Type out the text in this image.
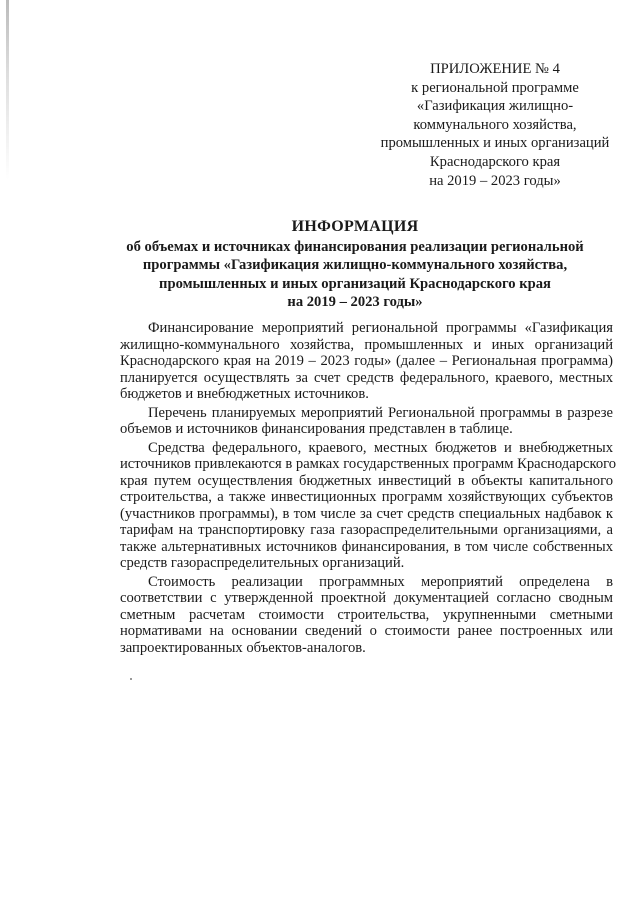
ПРИЛОЖЕНИЕ № 4
к региональной программе
«Газификация жилищно-
коммунального хозяйства,
промышленных и иных организаций
Краснодарского края
на 2019 – 2023 годы»
ИНФОРМАЦИЯ
об объемах и источниках финансирования реализации региональной
программы «Газификация жилищно-коммунального хозяйства,
промышленных и иных организаций Краснодарского края
на 2019 – 2023 годы»
Финансирование мероприятий региональной программы «Газификация
жилищно-коммунального хозяйства, промышленных и иных организаций
Краснодарского края на 2019 – 2023 годы» (далее – Региональная программа)
планируется осуществлять за счет средств федерального, краевого, местных
бюджетов и внебюджетных источников.
Перечень планируемых мероприятий Региональной программы в разрезе
объемов и источников финансирования представлен в таблице.
Средства федерального, краевого, местных бюджетов и внебюджетных
источников привлекаются в рамках государственных программ Краснодарского
края путем осуществления бюджетных инвестиций в объекты капитального
строительства, а также инвестиционных программ хозяйствующих субъектов
(участников программы), в том числе за счет средств специальных надбавок к
тарифам на транспортировку газа газораспределительными организациями, а
также альтернативных источников финансирования, в том числе собственных
средств газораспределительных организаций.
Стоимость реализации программных мероприятий определена в
соответствии с утвержденной проектной документацией согласно сводным
сметным расчетам стоимости строительства, укрупненными сметными
нормативами на основании сведений о стоимости ранее построенных или
запроектированных объектов-аналогов.
